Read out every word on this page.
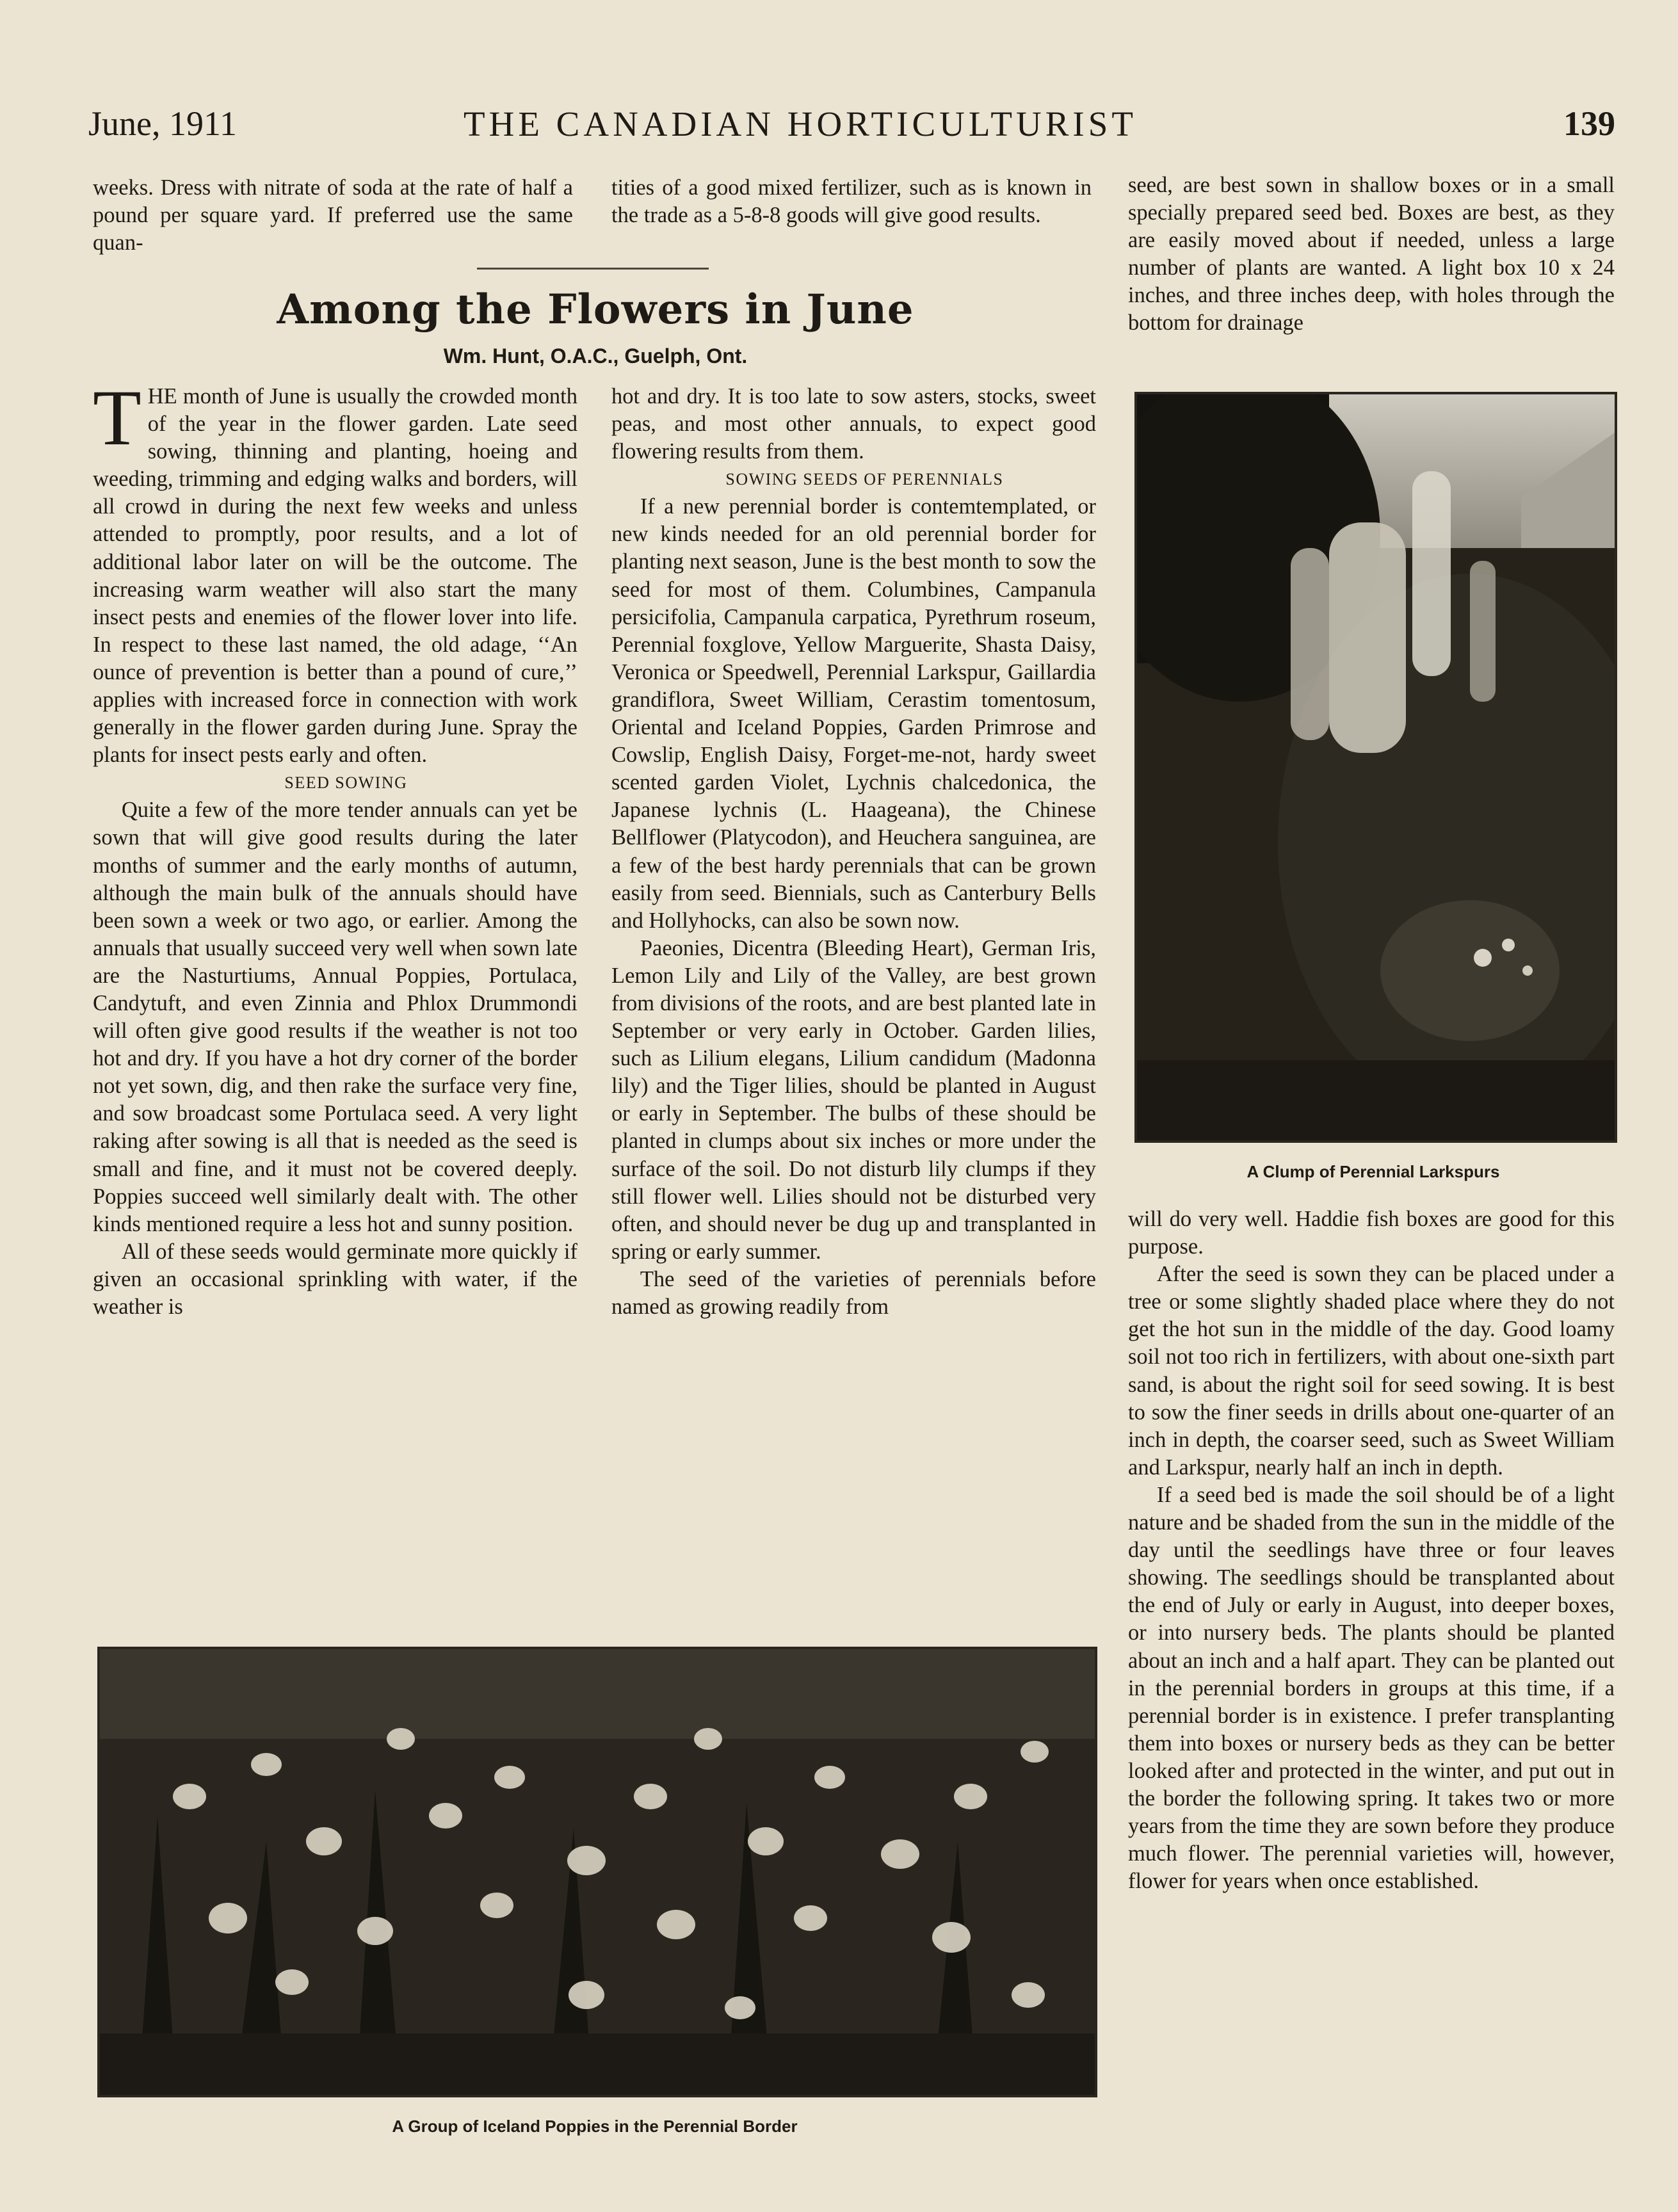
June, 1911	THE CANADIAN HORTICULTURIST	139

weeks. Dress with nitrate of soda at the rate of half a pound per square yard. If preferred use the same quan-

tities of a good mixed fertilizer, such as is known in the trade as a 5-8-8 goods will give good results.

Among the Flowers in June
Wm. Hunt, O.A.C., Guelph, Ont.

THE month of June is usually the crowded month of the year in the flower garden. Late seed sowing, thinning and planting, hoeing and weeding, trimming and edging walks and borders, will all crowd in during the next few weeks and unless attended to promptly, poor results, and a lot of additional labor later on will be the outcome. The increasing warm weather will also start the many insect pests and enemies of the flower lover into life. In respect to these last named, the old adage, ‘‘An ounce of prevention is better than a pound of cure,’’ applies with increased force in connection with work generally in the flower garden during June. Spray the plants for insect pests early and often.

SEED SOWING

Quite a few of the more tender annuals can yet be sown that will give good results during the later months of summer and the early months of autumn, although the main bulk of the annuals should have been sown a week or two ago, or earlier. Among the annuals that usually succeed very well when sown late are the Nasturtiums, Annual Poppies, Portulaca, Candytuft, and even Zinnia and Phlox Drummondi will often give good results if the weather is not too hot and dry. If you have a hot dry corner of the border not yet sown, dig, and then rake the surface very fine, and sow broadcast some Portulaca seed. A very light raking after sowing is all that is needed as the seed is small and fine, and it must not be covered deeply. Poppies succeed well similarly dealt with. The other kinds mentioned require a less hot and sunny position.

All of these seeds would germinate more quickly if given an occasional sprinkling with water, if the weather is

hot and dry. It is too late to sow asters, stocks, sweet peas, and most other annuals, to expect good flowering results from them.

SOWING SEEDS OF PERENNIALS

If a new perennial border is contemtemplated, or new kinds needed for an old perennial border for planting next season, June is the best month to sow the seed for most of them. Columbines, Campanula persicifolia, Campanula carpatica, Pyrethrum roseum, Perennial foxglove, Yellow Marguerite, Shasta Daisy, Veronica or Speedwell, Perennial Larkspur, Gaillardia grandiflora, Sweet William, Cerastim tomentosum, Oriental and Iceland Poppies, Garden Primrose and Cowslip, English Daisy, Forget-me-not, hardy sweet scented garden Violet, Lychnis chalcedonica, the Japanese lychnis (L. Haageana), the Chinese Bellflower (Platycodon), and Heuchera sanguinea, are a few of the best hardy perennials that can be grown easily from seed. Biennials, such as Canterbury Bells and Hollyhocks, can also be sown now.

Paeonies, Dicentra (Bleeding Heart), German Iris, Lemon Lily and Lily of the Valley, are best grown from divisions of the roots, and are best planted late in September or very early in October. Garden lilies, such as Lilium elegans, Lilium candidum (Madonna lily) and the Tiger lilies, should be planted in August or early in September. The bulbs of these should be planted in clumps about six inches or more under the surface of the soil. Do not disturb lily clumps if they still flower well. Lilies should not be disturbed very often, and should never be dug up and transplanted in spring or early summer.

The seed of the varieties of perennials before named as growing readily from

seed, are best sown in shallow boxes or in a small specially prepared seed bed. Boxes are best, as they are easily moved about if needed, unless a large number of plants are wanted. A light box 10 x 24 inches, and three inches deep, with holes through the bottom for drainage

A Clump of Perennial Larkspurs

will do very well. Haddie fish boxes are good for this purpose.

After the seed is sown they can be placed under a tree or some slightly shaded place where they do not get the hot sun in the middle of the day. Good loamy soil not too rich in fertilizers, with about one-sixth part sand, is about the right soil for seed sowing. It is best to sow the finer seeds in drills about one-quarter of an inch in depth, the coarser seed, such as Sweet William and Larkspur, nearly half an inch in depth.

If a seed bed is made the soil should be of a light nature and be shaded from the sun in the middle of the day until the seedlings have three or four leaves showing. The seedlings should be transplanted about the end of July or early in August, into deeper boxes, or into nursery beds. The plants should be planted about an inch and a half apart. They can be planted out in the perennial borders in groups at this time, if a perennial border is in existence. I prefer transplanting them into boxes or nursery beds as they can be better looked after and protected in the winter, and put out in the border the following spring. It takes two or more years from the time they are sown before they produce much flower. The perennial varieties will, however, flower for years when once established.

A Group of Iceland Poppies in the Perennial Border
